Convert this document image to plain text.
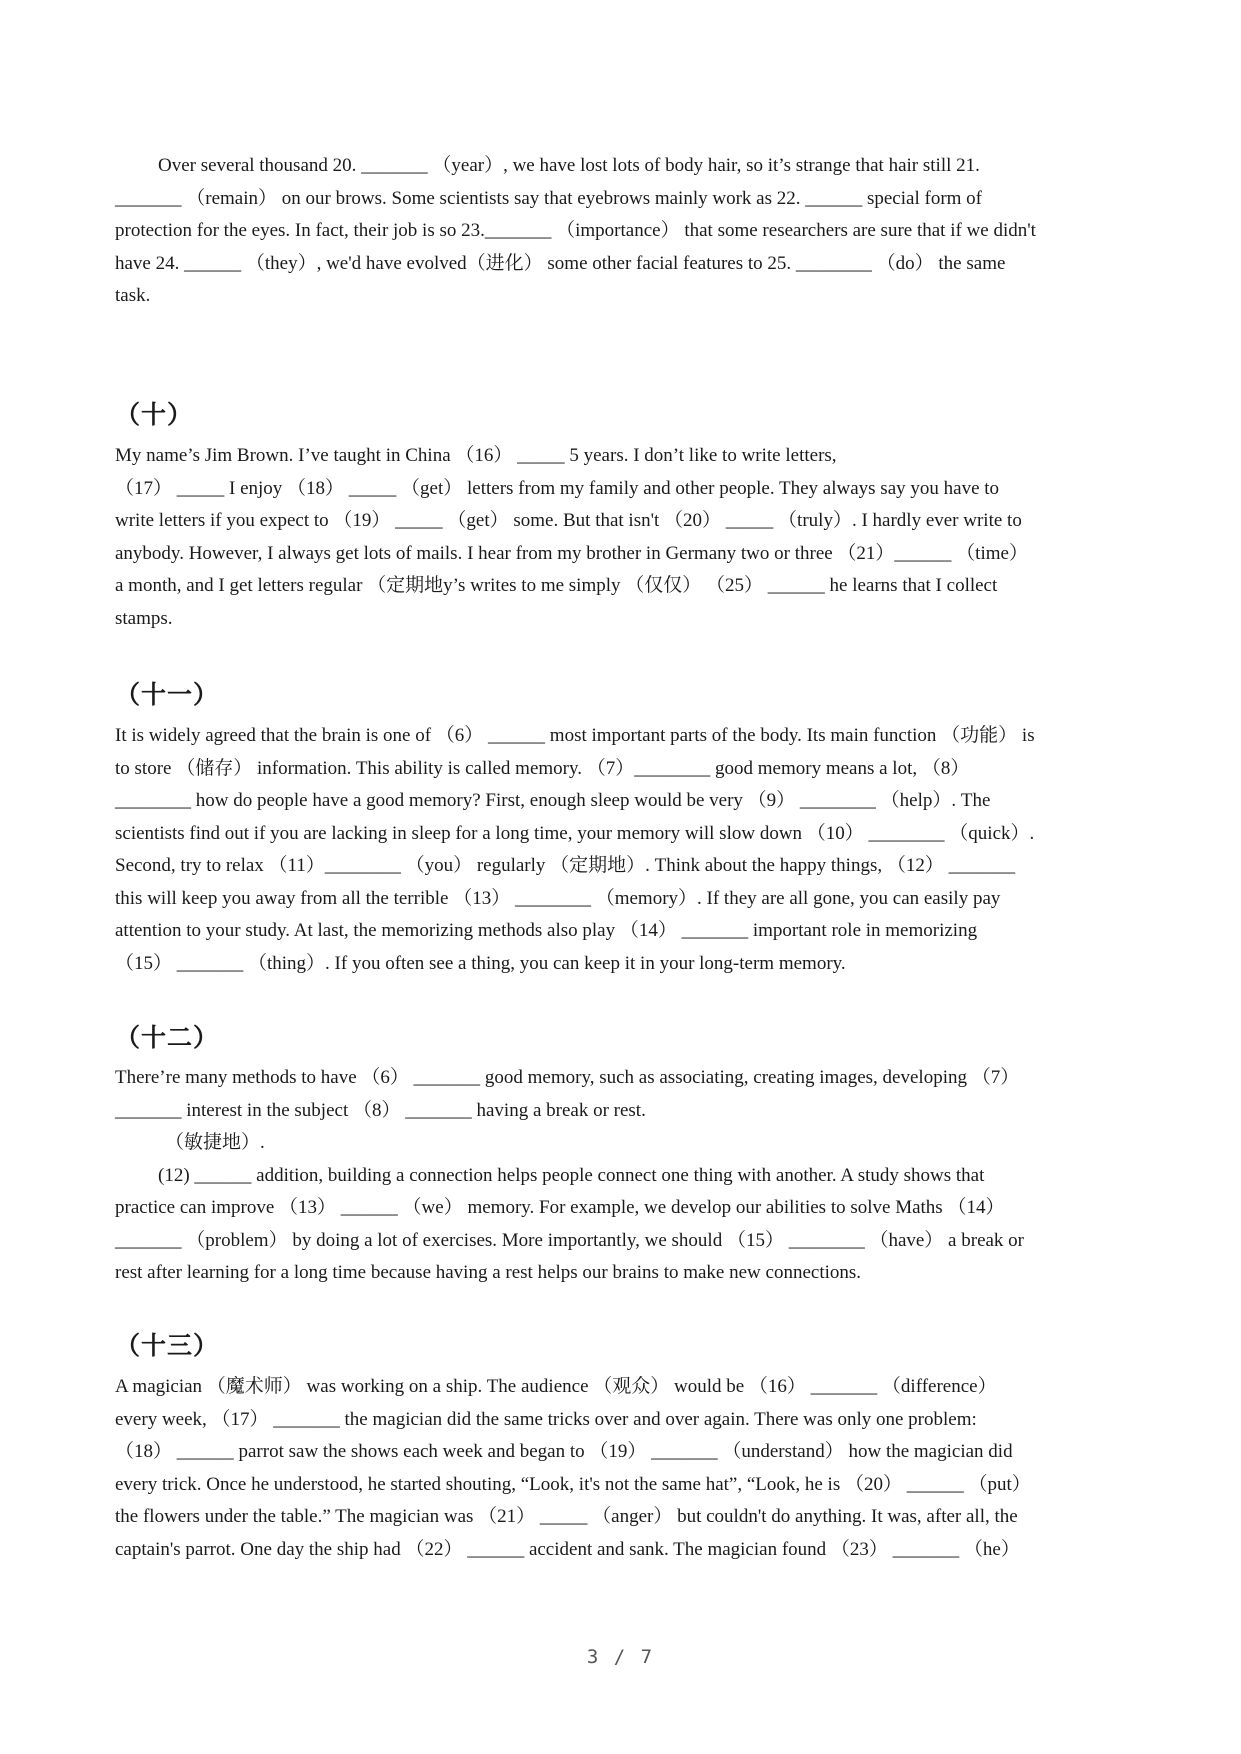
Over several thousand 20. _______ （year）, we have lost lots of body hair, so it’s strange that hair still 21.
_______ （remain） on our brows. Some scientists say that eyebrows mainly work as 22. ______ special form of
protection for the eyes. In fact, their job is so 23._______ （importance） that some researchers are sure that if we didn't
have 24. ______ （they）, we'd have evolved（进化） some other facial features to 25. ________ （do） the same
task.

（十）

My name’s Jim Brown. I’ve taught in China （16） _____ 5 years. I don’t like to write letters,
（17） _____ I enjoy （18） _____ （get） letters from my family and other people. They always say you have to
write letters if you expect to （19） _____ （get） some. But that isn't （20） _____ （truly）. I hardly ever write to
anybody. However, I always get lots of mails. I hear from my brother in Germany two or three （21）______ （time）
a month, and I get letters regular （定期地y’s writes to me simply （仅仅） （25） ______ he learns that I collect
stamps.

（十一）

It is widely agreed that the brain is one of （6） ______ most important parts of the body. Its main function （功能） is
to store （储存） information. This ability is called memory. （7）________ good memory means a lot, （8）
________ how do people have a good memory? First, enough sleep would be very （9） ________ （help）. The
scientists find out if you are lacking in sleep for a long time, your memory will slow down （10） ________ （quick）.
Second, try to relax （11）________ （you） regularly （定期地）. Think about the happy things, （12） _______
this will keep you away from all the terrible （13） ________ （memory）. If they are all gone, you can easily pay
attention to your study. At last, the memorizing methods also play （14） _______ important role in memorizing
（15） _______ （thing）. If you often see a thing, you can keep it in your long-term memory.

（十二）

There’re many methods to have （6） _______ good memory, such as associating, creating images, developing （7）
_______ interest in the subject （8） _______ having a break or rest.
（敏捷地）.
(12) ______ addition, building a connection helps people connect one thing with another. A study shows that
practice can improve （13） ______ （we） memory. For example, we develop our abilities to solve Maths （14）
_______ （problem） by doing a lot of exercises. More importantly, we should （15） ________ （have） a break or
rest after learning for a long time because having a rest helps our brains to make new connections.

（十三）

A magician （魔术师） was working on a ship. The audience （观众） would be （16） _______ （difference）
every week, （17） _______ the magician did the same tricks over and over again. There was only one problem:
（18） ______ parrot saw the shows each week and began to （19） _______ （understand） how the magician did
every trick. Once he understood, he started shouting, “Look, it's not the same hat”, “Look, he is （20） ______ （put）
the flowers under the table.” The magician was （21） _____ （anger） but couldn't do anything. It was, after all, the
captain's parrot. One day the ship had （22） ______ accident and sank. The magician found （23） _______ （he）

3 / 7
